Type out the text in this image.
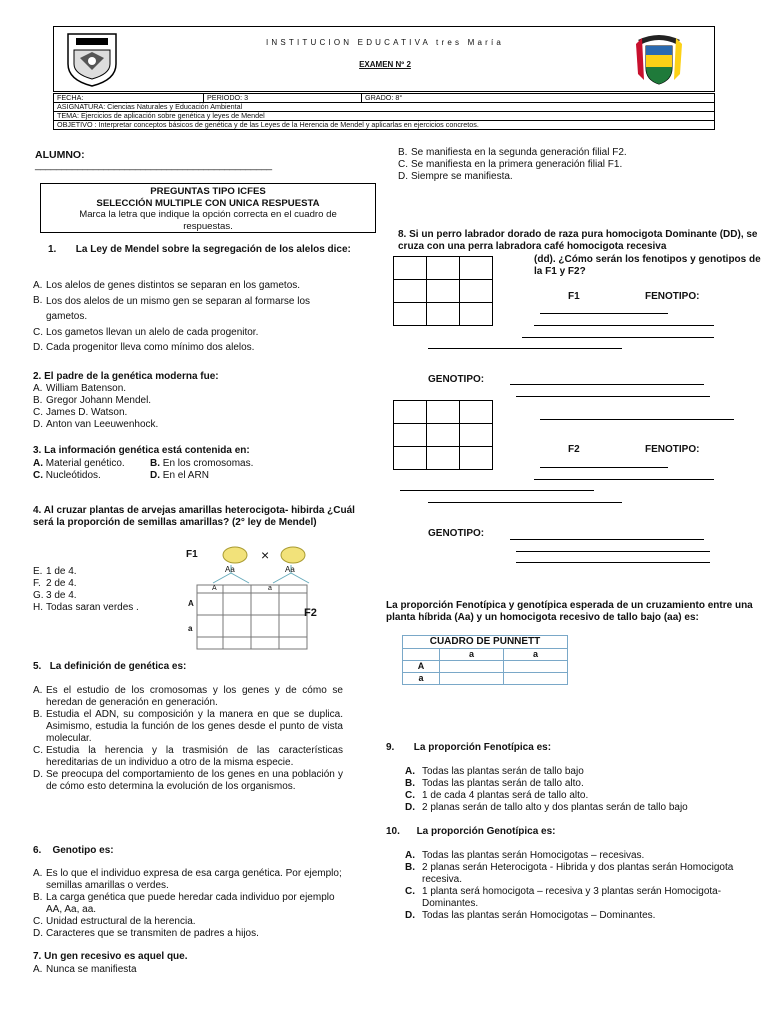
INSTITUCION EDUCATIVA tres María
EXAMEN Nº 2
FECHA:	PERIODO: 3	GRADO: 8°
ASIGNATURA: Ciencias Naturales y Educación Ambiental
TEMA: Ejercicios de aplicación sobre genética y leyes de Mendel
OBJETIVO : Interpretar conceptos básicos de genética y de las Leyes de la Herencia de Mendel y aplicarlas en ejercicios concretos.
ALUMNO:
_____________________________________________
PREGUNTAS TIPO ICFES
SELECCIÓN MULTIPLE CON UNICA RESPUESTA
Marca la letra que indique la opción correcta en el cuadro de respuestas.
1. La Ley de Mendel sobre la segregación de los alelos dice:
A. Los alelos de genes distintos se separan en los gametos.
B. Los dos alelos de un mismo gen se separan al formarse los gametos.
C. Los gametos llevan un alelo de cada progenitor.
D. Cada progenitor lleva como mínimo dos alelos.
2. El padre de la genética moderna fue:
A. William Batenson.
B. Gregor Johann Mendel.
C. James D. Watson.
D. Anton van Leeuwenhock.
3. La información genética está contenida en:
A. Material genético.	B. En los cromosomas.
C. Nucleótidos.	D. En el ARN
4. Al cruzar plantas de arvejas amarillas heterocigota- hibirda ¿Cuál será la proporción de semillas amarillas? (2° ley de Mendel)
E. 1 de 4.
F. 2 de 4.
G. 3 de 4.
H. Todas saran verdes .
F1	×
Aa	Aa
A	a
A
a
F2
5. La definición de genética es:
A. Es el estudio de los cromosomas y los genes y de cómo se heredan de generación en generación.
B. Estudia el ADN, su composición y la manera en que se duplica. Asimismo, estudia la función de los genes desde el punto de vista molecular.
C. Estudia la herencia y la trasmisión de las características hereditarias de un individuo a otro de la misma especie.
D. Se preocupa del comportamiento de los genes en una población y de cómo esto determina la evolución de los organismos.
6. Genotipo es:
A. Es lo que el individuo expresa de esa carga genética. Por ejemplo; semillas amarillas o verdes.
B. La carga genética que puede heredar cada individuo por ejemplo AA, Aa, aa.
C. Unidad estructural de la herencia.
D. Caracteres que se transmiten de padres a hijos.
7. Un gen recesivo es aquel que.
A. Nunca se manifiesta
B. Se manifiesta en la segunda generación filial F2.
C. Se manifiesta en la primera generación filial F1.
D. Siempre se manifiesta.
8. Si un perro labrador dorado de raza pura homocigota Dominante (DD), se cruza con una perra labradora café homocigota recesiva
(dd). ¿Cómo serán los fenotipos y genotipos de la F1 y F2?

F1	FENOTIPO:
GENOTIPO:

F2	FENOTIPO:
GENOTIPO:
La proporción Fenotípica y genotípica esperada de un cruzamiento entre una planta híbrida (Aa) y un homocigota recesivo de tallo bajo (aa) es:
CUADRO DE PUNNETT		
	a	a
A		
a		
9. La proporción Fenotípica es:
A. Todas las plantas serán de tallo bajo
B. Todas las plantas serán de tallo alto.
C. 1 de cada 4 plantas será de tallo alto.
D. 2 planas serán de tallo alto y dos plantas serán de tallo bajo
10. La proporción Genotípica es:
A. Todas las plantas serán Homocigotas – recesivas.
B. 2 planas serán Heterocigota - Hibrida y dos plantas serán Homocigota recesiva.
C. 1 planta será homocigota – recesiva y 3 plantas serán Homocigota-Dominantes.
D. Todas las plantas serán Homocigotas – Dominantes.
